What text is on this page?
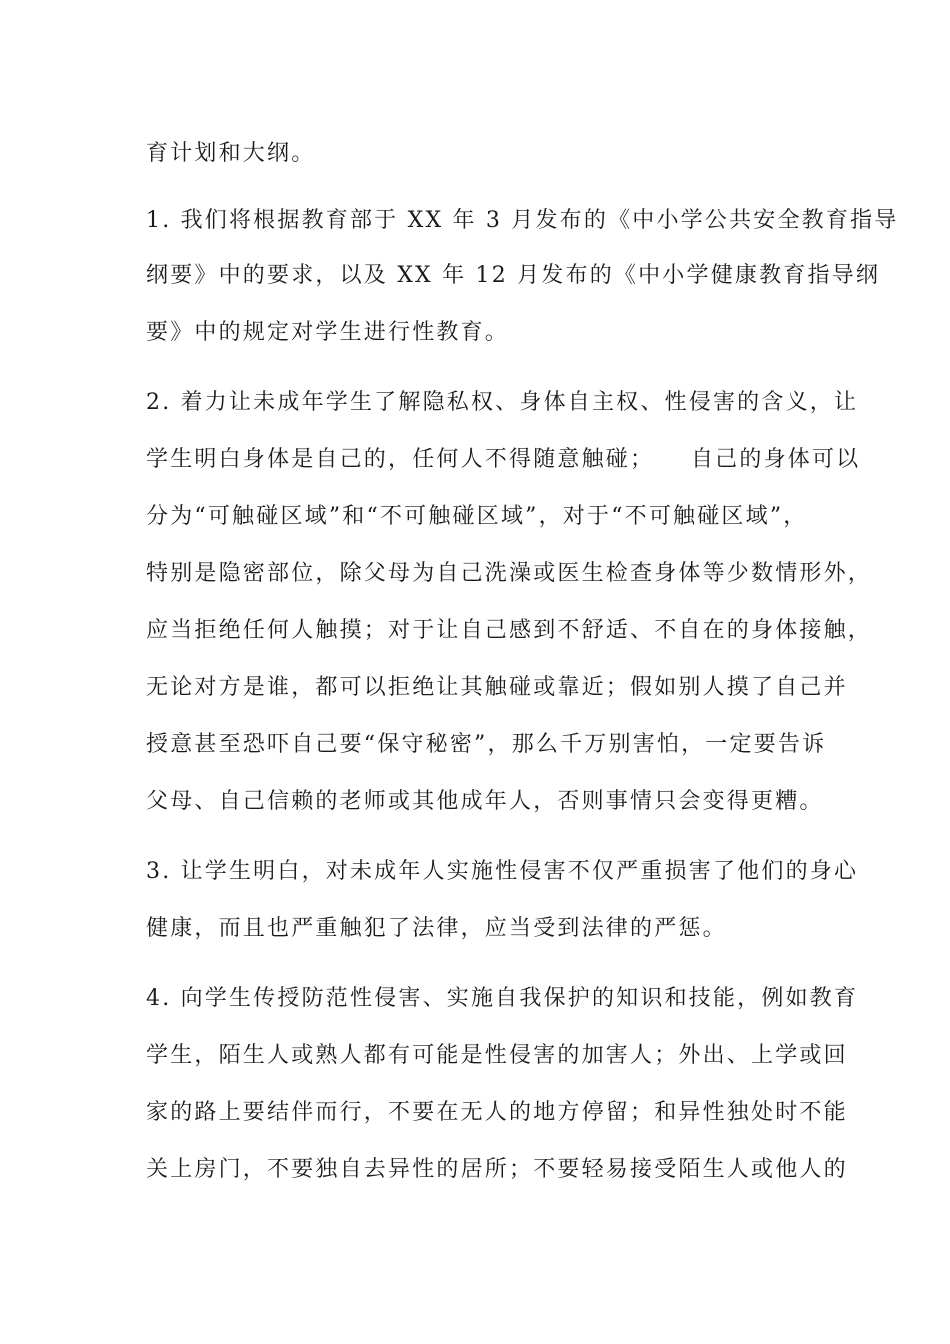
育计划和大纲。
1. 我们将根据教育部于 XX 年 3 月发布的《中小学公共安全教育指导
纲要》中的要求，以及 XX 年 12 月发布的《中小学健康教育指导纲
要》中的规定对学生进行性教育。
2. 着力让未成年学生了解隐私权、身体自主权、性侵害的含义，让
学生明白身体是自己的，任何人不得随意触碰；    自己的身体可以
分为“可触碰区域”和“不可触碰区域”，对于“不可触碰区域”，
特别是隐密部位，除父母为自己洗澡或医生检查身体等少数情形外，
应当拒绝任何人触摸；对于让自己感到不舒适、不自在的身体接触，
无论对方是谁，都可以拒绝让其触碰或靠近；假如别人摸了自己并
授意甚至恐吓自己要“保守秘密”，那么千万别害怕，一定要告诉
父母、自己信赖的老师或其他成年人，否则事情只会变得更糟。
3. 让学生明白，对未成年人实施性侵害不仅严重损害了他们的身心
健康，而且也严重触犯了法律，应当受到法律的严惩。
4. 向学生传授防范性侵害、实施自我保护的知识和技能，例如教育
学生，陌生人或熟人都有可能是性侵害的加害人；外出、上学或回
家的路上要结伴而行，不要在无人的地方停留；和异性独处时不能
关上房门，不要独自去异性的居所；不要轻易接受陌生人或他人的
